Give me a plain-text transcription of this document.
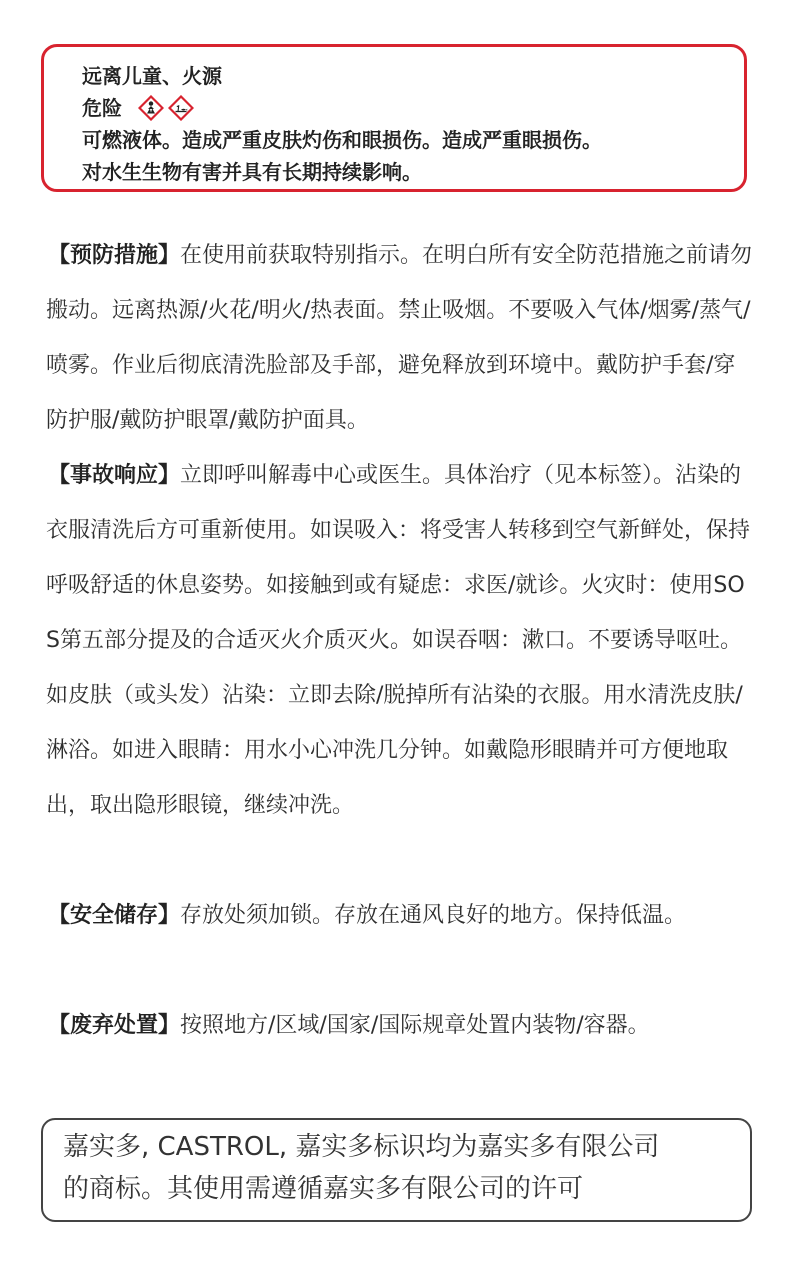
远离儿童、火源
危险
可燃液体。造成严重皮肤灼伤和眼损伤。造成严重眼损伤。
对水生生物有害并具有长期持续影响。

【预防措施】在使用前获取特别指示。在明白所有安全防范措施之前请勿搬动。远离热源/火花/明火/热表面。禁止吸烟。不要吸入气体/烟雾/蒸气/喷雾。作业后彻底清洗脸部及手部，避免释放到环境中。戴防护手套/穿防护服/戴防护眼罩/戴防护面具。

【事故响应】立即呼叫解毒中心或医生。具体治疗（见本标签）。沾染的衣服清洗后方可重新使用。如误吸入：将受害人转移到空气新鲜处，保持呼吸舒适的休息姿势。如接触到或有疑虑：求医/就诊。火灾时：使用SOS第五部分提及的合适灭火介质灭火。如误吞咽：漱口。不要诱导呕吐。如皮肤（或头发）沾染：立即去除/脱掉所有沾染的衣服。用水清洗皮肤/淋浴。如进入眼睛：用水小心冲洗几分钟。如戴隐形眼睛并可方便地取出，取出隐形眼镜，继续冲洗。

【安全储存】存放处须加锁。存放在通风良好的地方。保持低温。

【废弃处置】按照地方/区域/国家/国际规章处置内装物/容器。

嘉实多, CASTROL, 嘉实多标识均为嘉实多有限公司
的商标。其使用需遵循嘉实多有限公司的许可
